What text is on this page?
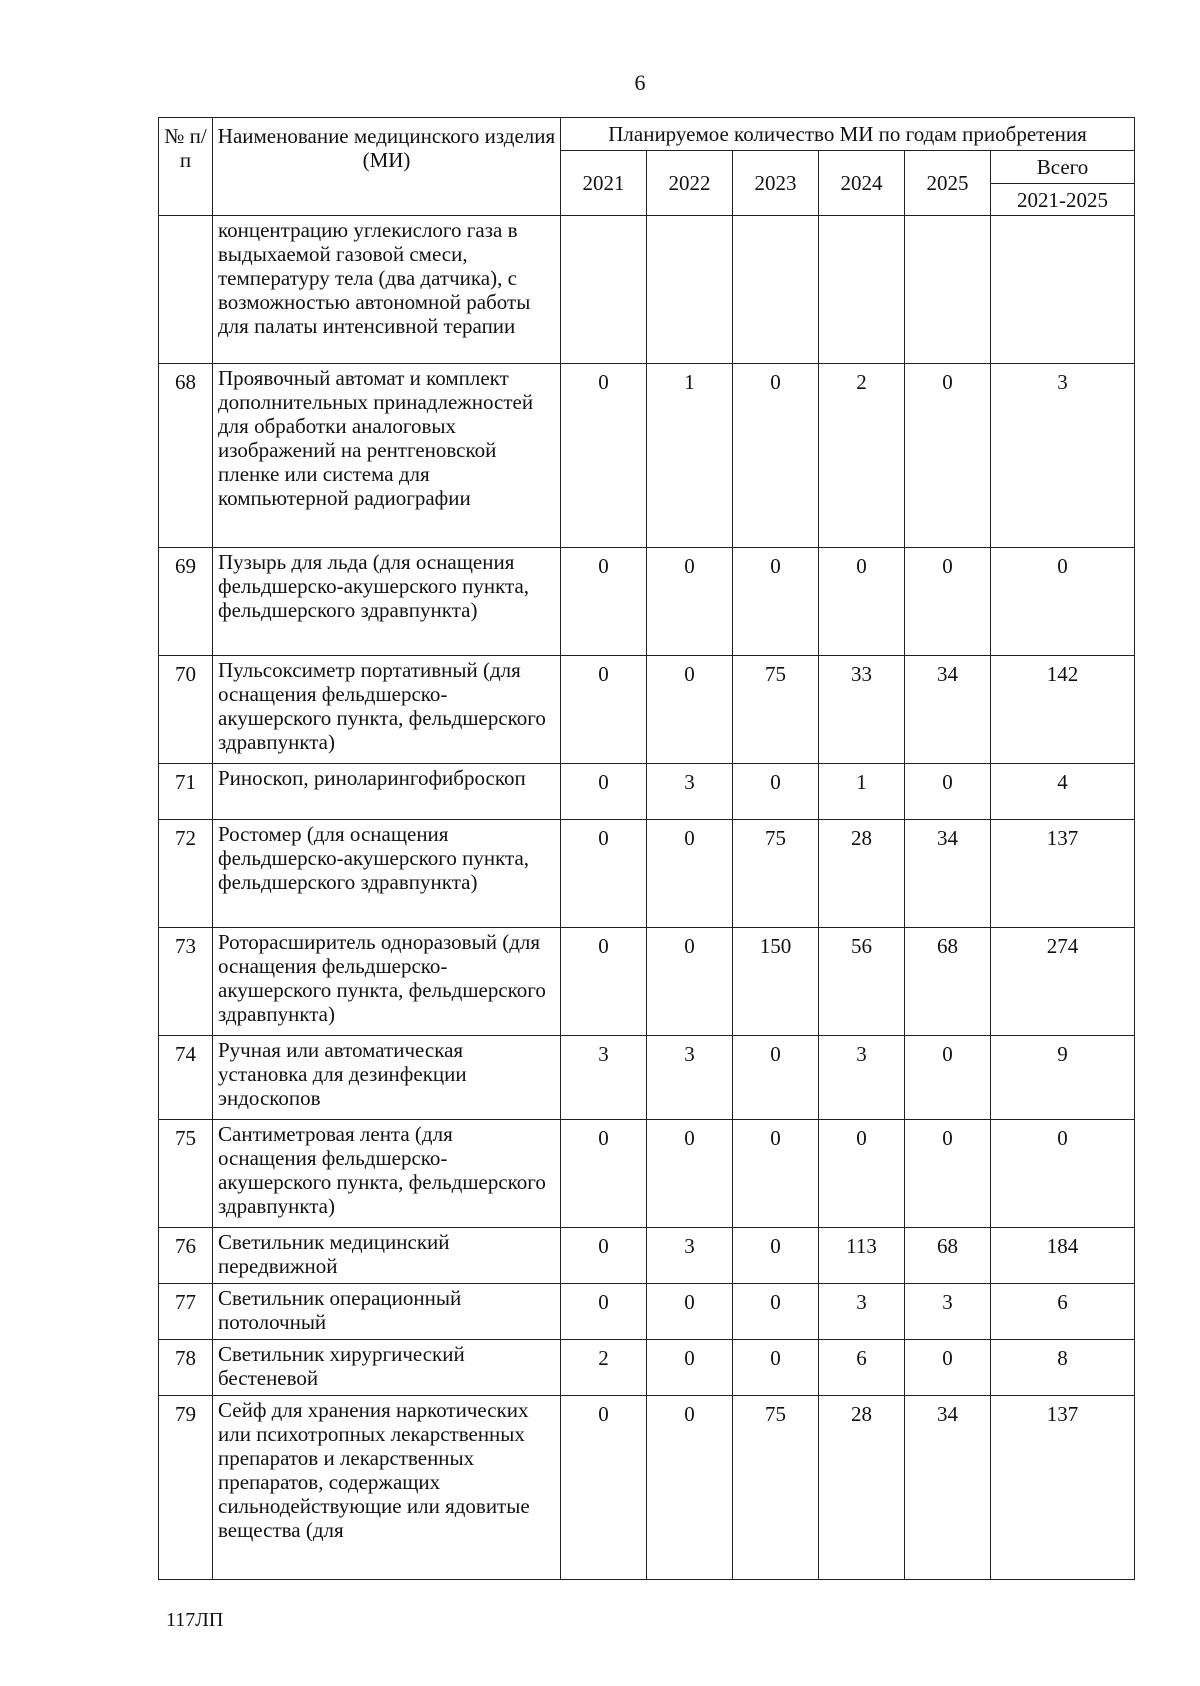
6
№ п/п	Наименование медицинского изделия (МИ)	Планируемое количество МИ по годам приобретения					
		2021	2022	2023	2024	2025	Всего
							2021-2025
	концентрацию углекислого газа в выдыхаемой газовой смеси, температуру тела (два датчика), с возможностью автономной работы для палаты интенсивной терапии						
68	Проявочный автомат и комплект дополнительных принадлежностей для обработки аналоговых изображений на рентгеновской пленке или система для компьютерной радиографии	0	1	0	2	0	3
69	Пузырь для льда (для оснащения фельдшерско-акушерского пункта, фельдшерского здравпункта)	0	0	0	0	0	0
70	Пульсоксиметр портативный (для оснащения фельдшерско-акушерского пункта, фельдшерского здравпункта)	0	0	75	33	34	142
71	Риноскоп, риноларингофиброскоп	0	3	0	1	0	4
72	Ростомер (для оснащения фельдшерско-акушерского пункта, фельдшерского здравпункта)	0	0	75	28	34	137
73	Роторасширитель одноразовый (для оснащения фельдшерско-акушерского пункта, фельдшерского здравпункта)	0	0	150	56	68	274
74	Ручная или автоматическая установка для дезинфекции эндоскопов	3	3	0	3	0	9
75	Сантиметровая лента (для оснащения фельдшерско-акушерского пункта, фельдшерского здравпункта)	0	0	0	0	0	0
76	Светильник медицинский передвижной	0	3	0	113	68	184
77	Светильник операционный потолочный	0	0	0	3	3	6
78	Светильник хирургический бестеневой	2	0	0	6	0	8
79	Сейф для хранения наркотических или психотропных лекарственных препаратов и лекарственных препаратов, содержащих сильнодействующие или ядовитые вещества (для	0	0	75	28	34	137
117ЛП
